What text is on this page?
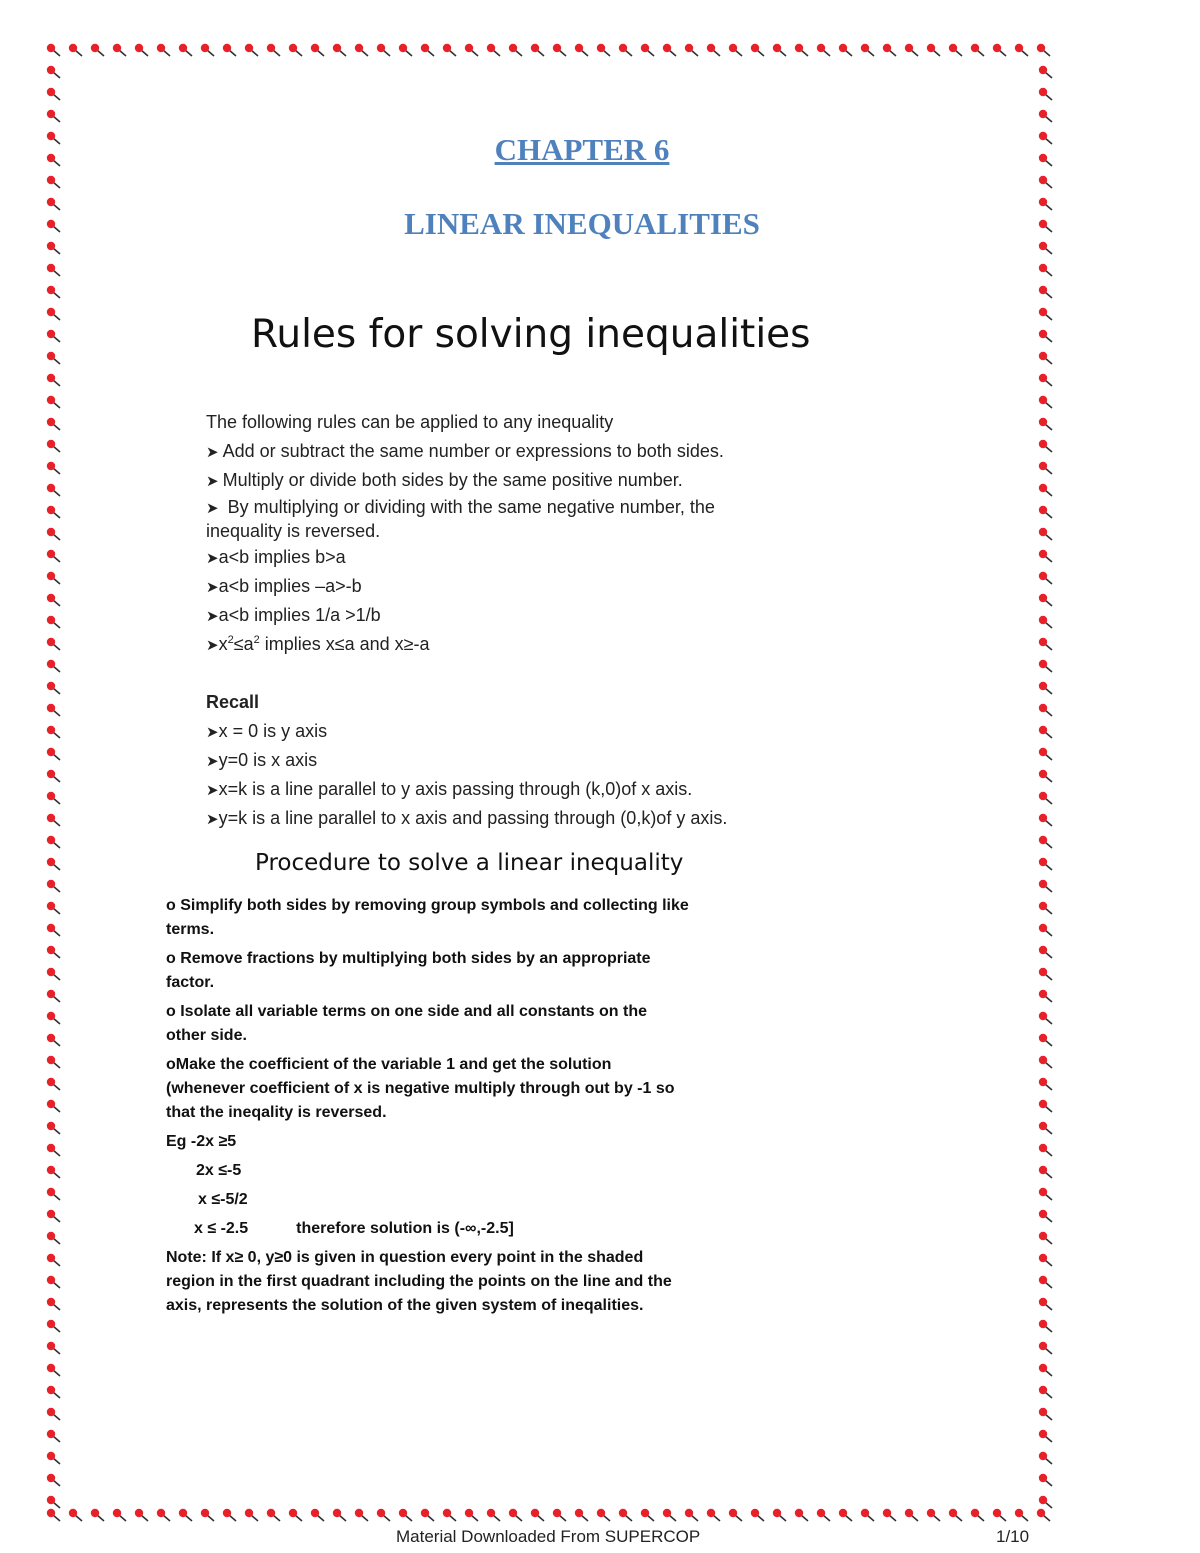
CHAPTER 6
LINEAR INEQUALITIES
Rules for solving inequalities
The following rules can be applied to any inequality
➤ Add or subtract the same number or expressions to both sides.
➤ Multiply or divide both sides by the same positive number.
➤ By multiplying or dividing with the same negative number, the
inequality is reversed.
➤a<b implies b>a
➤a<b implies –a>-b
➤a<b implies 1/a >1/b
$➤x^2\le a^2$ implies x≤a and x≥-a
Recall
➤x = 0 is y axis
➤y=0 is x axis
➤x=k is a line parallel to y axis passing through (k,0)of x axis.
➤y=k is a line parallel to x axis and passing through (0,k)of y axis.
Procedure to solve a linear inequality
o Simplify both sides by removing group symbols and collecting like
terms.
o Remove fractions by multiplying both sides by an appropriate
factor.
o Isolate all variable terms on one side and all constants on the
other side.
oMake the coefficient of the variable 1 and get the solution
(whenever coefficient of x is negative multiply through out by -1 so
that the ineqality is reversed.
Eg -2x ≥5
2x ≤-5
x ≤-5/2
x ≤ -2.5	therefore solution is (-∞,-2.5]
Note: If x≥ 0, y≥0 is given in question every point in the shaded
region in the first quadrant including the points on the line and the
axis, represents the solution of the given system of ineqalities.
Material Downloaded From SUPERCOP	1/10
